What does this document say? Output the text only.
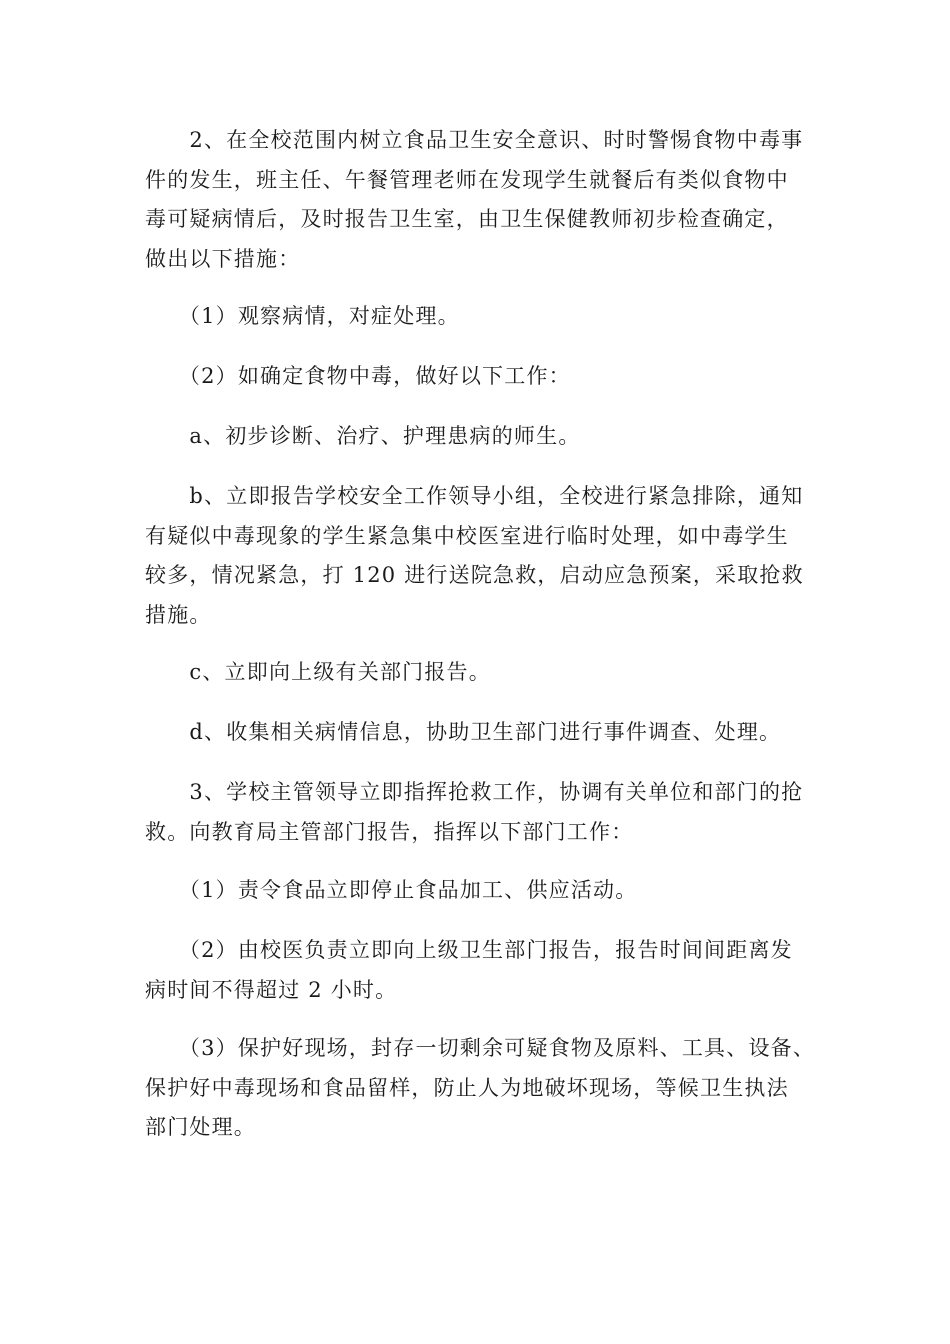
　　2、在全校范围内树立食品卫生安全意识、时时警惕食物中毒事
件的发生，班主任、午餐管理老师在发现学生就餐后有类似食物中
毒可疑病情后，及时报告卫生室，由卫生保健教师初步检查确定，
做出以下措施：

　　（1）观察病情，对症处理。

　　（2）如确定食物中毒，做好以下工作：

　　a、初步诊断、治疗、护理患病的师生。

　　b、立即报告学校安全工作领导小组，全校进行紧急排除，通知
有疑似中毒现象的学生紧急集中校医室进行临时处理，如中毒学生
较多，情况紧急，打 120 进行送院急救，启动应急预案，采取抢救
措施。

　　c、立即向上级有关部门报告。

　　d、收集相关病情信息，协助卫生部门进行事件调查、处理。

　　3、学校主管领导立即指挥抢救工作，协调有关单位和部门的抢
救。向教育局主管部门报告，指挥以下部门工作：

　　（1）责令食品立即停止食品加工、供应活动。

　　（2）由校医负责立即向上级卫生部门报告，报告时间间距离发
病时间不得超过 2 小时。

　　（3）保护好现场，封存一切剩余可疑食物及原料、工具、设备、
保护好中毒现场和食品留样，防止人为地破坏现场，等候卫生执法
部门处理。
